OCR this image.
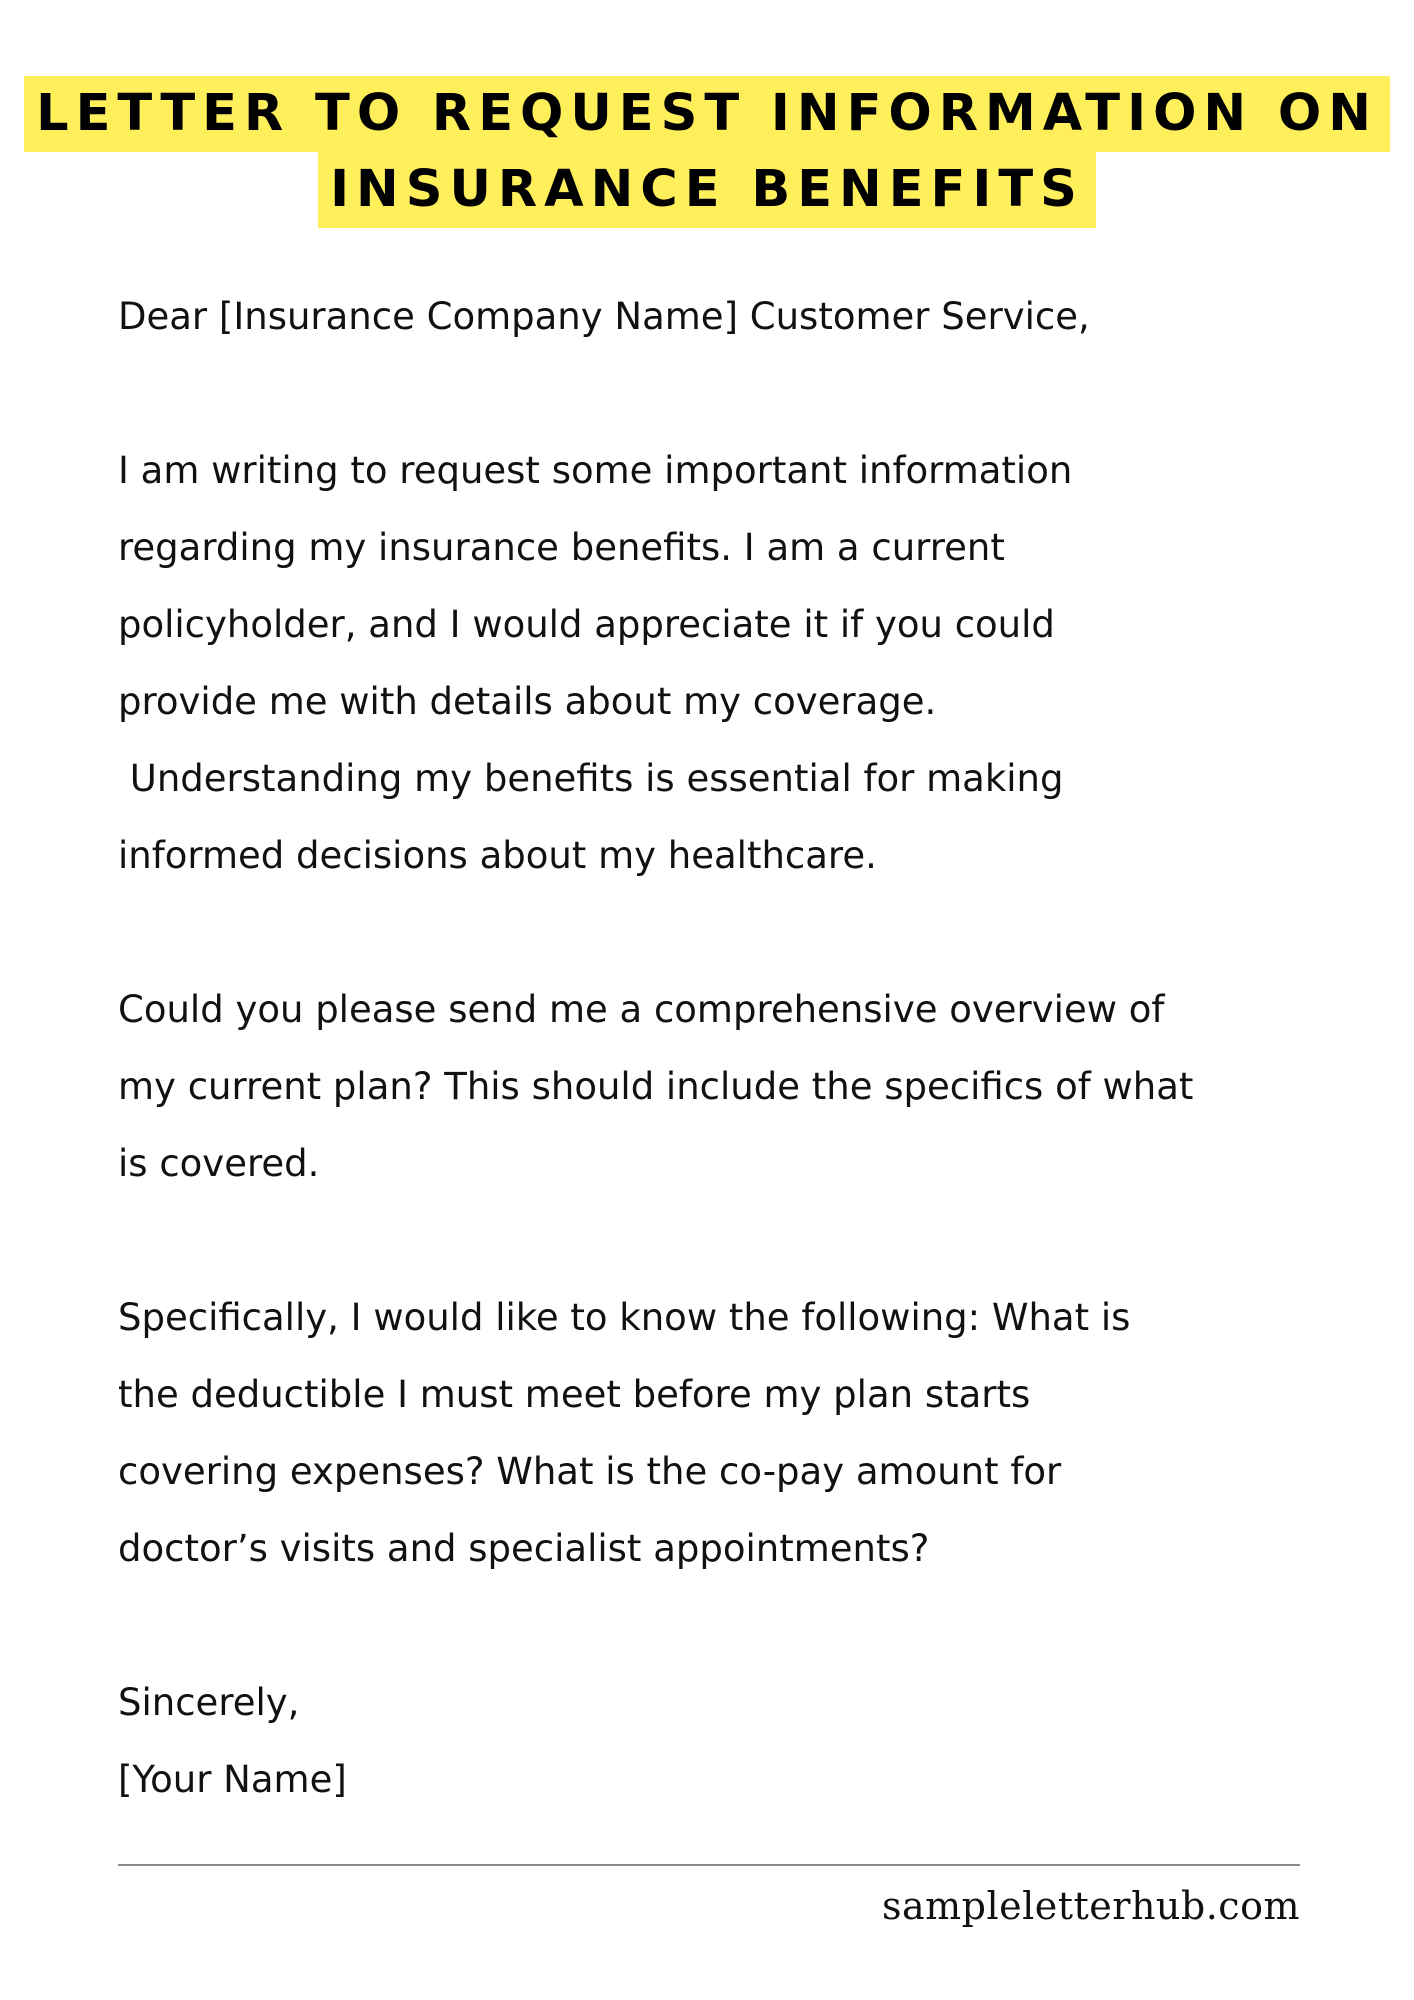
LETTER TO REQUEST INFORMATION ON
INSURANCE BENEFITS

Dear [Insurance Company Name] Customer Service,

I am writing to request some important information
regarding my insurance benefits. I am a current
policyholder, and I would appreciate it if you could
provide me with details about my coverage.
Understanding my benefits is essential for making
informed decisions about my healthcare.

Could you please send me a comprehensive overview of
my current plan? This should include the specifics of what
is covered.

Specifically, I would like to know the following: What is
the deductible I must meet before my plan starts
covering expenses? What is the co-pay amount for
doctor’s visits and specialist appointments?

Sincerely,
[Your Name]

sampleletterhub.com
